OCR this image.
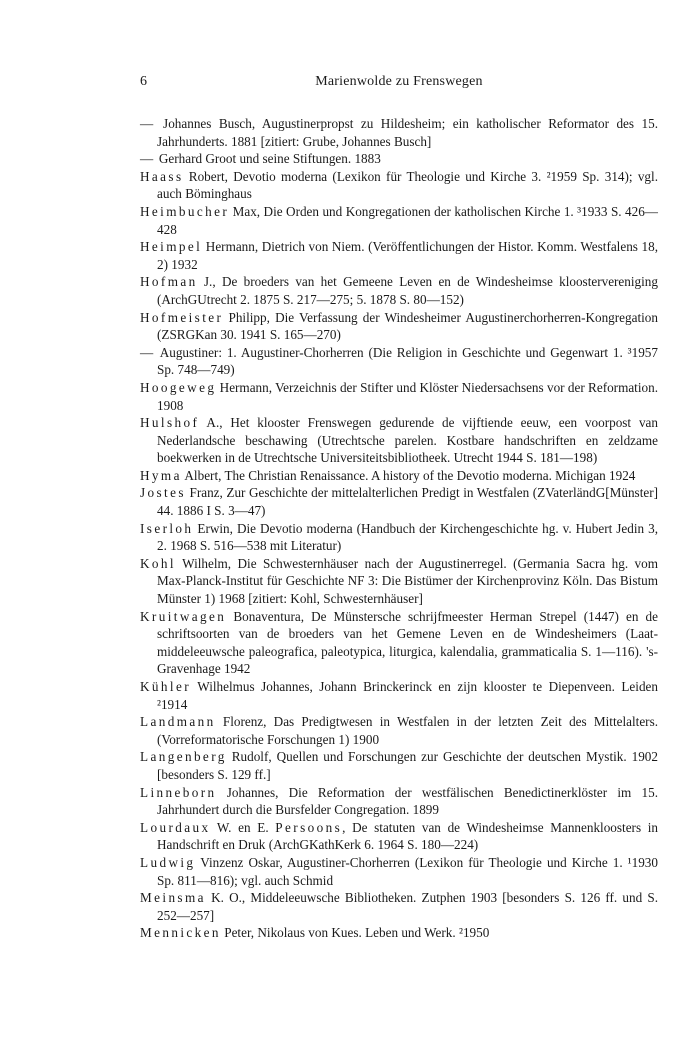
6	Marienwolde zu Frenswegen

— Johannes Busch, Augustinerpropst zu Hildesheim; ein katholischer Reformator des 15. Jahrhunderts. 1881 [zitiert: Grube, Johannes Busch]

— Gerhard Groot und seine Stiftungen. 1883

Haass Robert, Devotio moderna (Lexikon für Theologie und Kirche 3. ²1959 Sp. 314); vgl. auch Böminghaus

Heimbucher Max, Die Orden und Kongregationen der katholischen Kirche 1. ³1933 S. 426—428

Heimpel Hermann, Dietrich von Niem. (Veröffentlichungen der Histor. Komm. Westfalens 18, 2) 1932

Hofman J., De broeders van het Gemeene Leven en de Windesheimse kloostervereniging (ArchGUtrecht 2. 1875 S. 217—275; 5. 1878 S. 80—152)

Hofmeister Philipp, Die Verfassung der Windesheimer Augustinerchorherren-Kongregation (ZSRGKan 30. 1941 S. 165—270)

— Augustiner: 1. Augustiner-Chorherren (Die Religion in Geschichte und Gegenwart 1. ³1957 Sp. 748—749)

Hoogeweg Hermann, Verzeichnis der Stifter und Klöster Niedersachsens vor der Reformation. 1908

Hulshof A., Het klooster Frenswegen gedurende de vijftiende eeuw, een voorpost van Nederlandsche beschawing (Utrechtsche parelen. Kostbare handschriften en zeldzame boekwerken in de Utrechtsche Universiteitsbibliotheek. Utrecht 1944 S. 181—198)

Hyma Albert, The Christian Renaissance. A history of the Devotio moderna. Michigan 1924

Jostes Franz, Zur Geschichte der mittelalterlichen Predigt in Westfalen (ZVaterländG[Münster] 44. 1886 I S. 3—47)

Iserloh Erwin, Die Devotio moderna (Handbuch der Kirchengeschichte hg. v. Hubert Jedin 3, 2. 1968 S. 516—538 mit Literatur)

Kohl Wilhelm, Die Schwesternhäuser nach der Augustinerregel. (Germania Sacra hg. vom Max-Planck-Institut für Geschichte NF 3: Die Bistümer der Kirchenprovinz Köln. Das Bistum Münster 1) 1968 [zitiert: Kohl, Schwesternhäuser]

Kruitwagen Bonaventura, De Münstersche schrijfmeester Herman Strepel (1447) en de schriftsoorten van de broeders van het Gemene Leven en de Windesheimers (Laat-middeleeuwsche paleografica, paleotypica, liturgica, kalendalia, grammaticalia S. 1—116). 's-Gravenhage 1942

Kühler Wilhelmus Johannes, Johann Brinckerinck en zijn klooster te Diepenveen. Leiden ²1914

Landmann Florenz, Das Predigtwesen in Westfalen in der letzten Zeit des Mittelalters. (Vorreformatorische Forschungen 1) 1900

Langenberg Rudolf, Quellen und Forschungen zur Geschichte der deutschen Mystik. 1902 [besonders S. 129 ff.]

Linneborn Johannes, Die Reformation der westfälischen Benedictinerklöster im 15. Jahrhundert durch die Bursfelder Congregation. 1899

Lourdaux W. en E. Persoons, De statuten van de Windesheimse Mannenkloosters in Handschrift en Druk (ArchGKathKerk 6. 1964 S. 180—224)

Ludwig Vinzenz Oskar, Augustiner-Chorherren (Lexikon für Theologie und Kirche 1. ¹1930 Sp. 811—816); vgl. auch Schmid

Meinsma K. O., Middeleeuwsche Bibliotheken. Zutphen 1903 [besonders S. 126 ff. und S. 252—257]

Mennicken Peter, Nikolaus von Kues. Leben und Werk. ²1950
